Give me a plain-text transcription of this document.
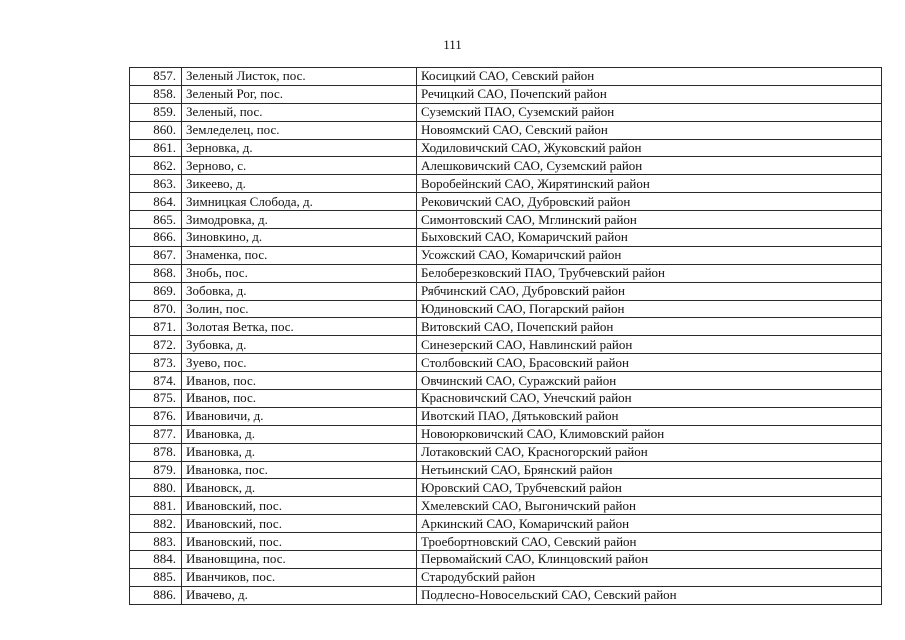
111
857.	Зеленый Листок, пос.	Косицкий САО, Севский район
858.	Зеленый Рог, пос.	Речицкий САО, Почепский район
859.	Зеленый, пос.	Суземский ПАО, Суземский район
860.	Земледелец, пос.	Новоямский САО, Севский район
861.	Зерновка, д.	Ходиловичский САО, Жуковский район
862.	Зерново, с.	Алешковичский САО, Суземский район
863.	Зикеево, д.	Воробейнский САО, Жирятинский район
864.	Зимницкая Слобода, д.	Рековичский САО, Дубровский район
865.	Зимодровка, д.	Симонтовский САО, Мглинский район
866.	Зиновкино, д.	Быховский САО, Комаричский район
867.	Знаменка, пос.	Усожский САО, Комаричский район
868.	Знобь, пос.	Белоберезковский ПАО, Трубчевский район
869.	Зобовка, д.	Рябчинский САО, Дубровский район
870.	Золин, пос.	Юдиновский САО, Погарский район
871.	Золотая Ветка, пос.	Витовский САО, Почепский район
872.	Зубовка, д.	Синезерский САО, Навлинский район
873.	Зуево, пос.	Столбовский САО, Брасовский район
874.	Иванов, пос.	Овчинский САО, Суражский район
875.	Иванов, пос.	Красновичский САО, Унечский район
876.	Ивановичи, д.	Ивотский ПАО, Дятьковский район
877.	Ивановка, д.	Новоюрковичский САО, Климовский район
878.	Ивановка, д.	Лотаковский САО, Красногорский район
879.	Ивановка, пос.	Нетьинский САО, Брянский район
880.	Ивановск, д.	Юровский САО, Трубчевский район
881.	Ивановский, пос.	Хмелевский САО, Выгоничский район
882.	Ивановский, пос.	Аркинский САО, Комаричский район
883.	Ивановский, пос.	Троебортновский САО, Севский район
884.	Ивановщина, пос.	Первомайский САО, Клинцовский район
885.	Иванчиков, пос.	Стародубский район
886.	Ивачево, д.	Подлесно-Новосельский САО, Севский район
